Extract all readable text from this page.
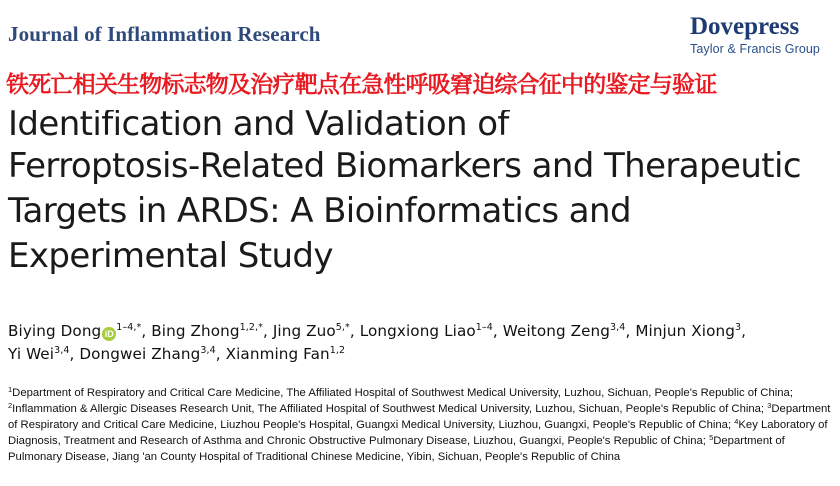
Journal of Inflammation Research	Dovepress
Taylor & Francis Group
铁死亡相关生物标志物及治疗靶点在急性呼吸窘迫综合征中的鉴定与验证
Identification and Validation of
Ferroptosis-Related Biomarkers and Therapeutic
Targets in ARDS: A Bioinformatics and
Experimental Study
Biying Dong $iD^{1-4,*}$, Bing Zhong$^{1,2,*}$, Jing Zuo$^{5,*}$, Longxiong Liao$^{1-4}$, Weitong Zeng$^{3,4}$, Minjun Xiong$^3$,
Yi Wei$^{3,4}$, Dongwei Zhang$^{3,4}$, Xianming Fan$^{1,2}$
$^1$Department of Respiratory and Critical Care Medicine, The Affiliated Hospital of Southwest Medical University, Luzhou, Sichuan, People's Republic of China; $^2$Inflammation & Allergic Diseases Research Unit, The Affiliated Hospital of Southwest Medical University, Luzhou, Sichuan, People's Republic of China; $^3$Department of Respiratory and Critical Care Medicine, Liuzhou People's Hospital, Guangxi Medical University, Liuzhou, Guangxi, People's Republic of China; $^4$Key Laboratory of Diagnosis, Treatment and Research of Asthma and Chronic Obstructive Pulmonary Disease, Liuzhou, Guangxi, People's Republic of China; $^5$Department of Pulmonary Disease, Jiang 'an County Hospital of Traditional Chinese Medicine, Yibin, Sichuan, People's Republic of China
